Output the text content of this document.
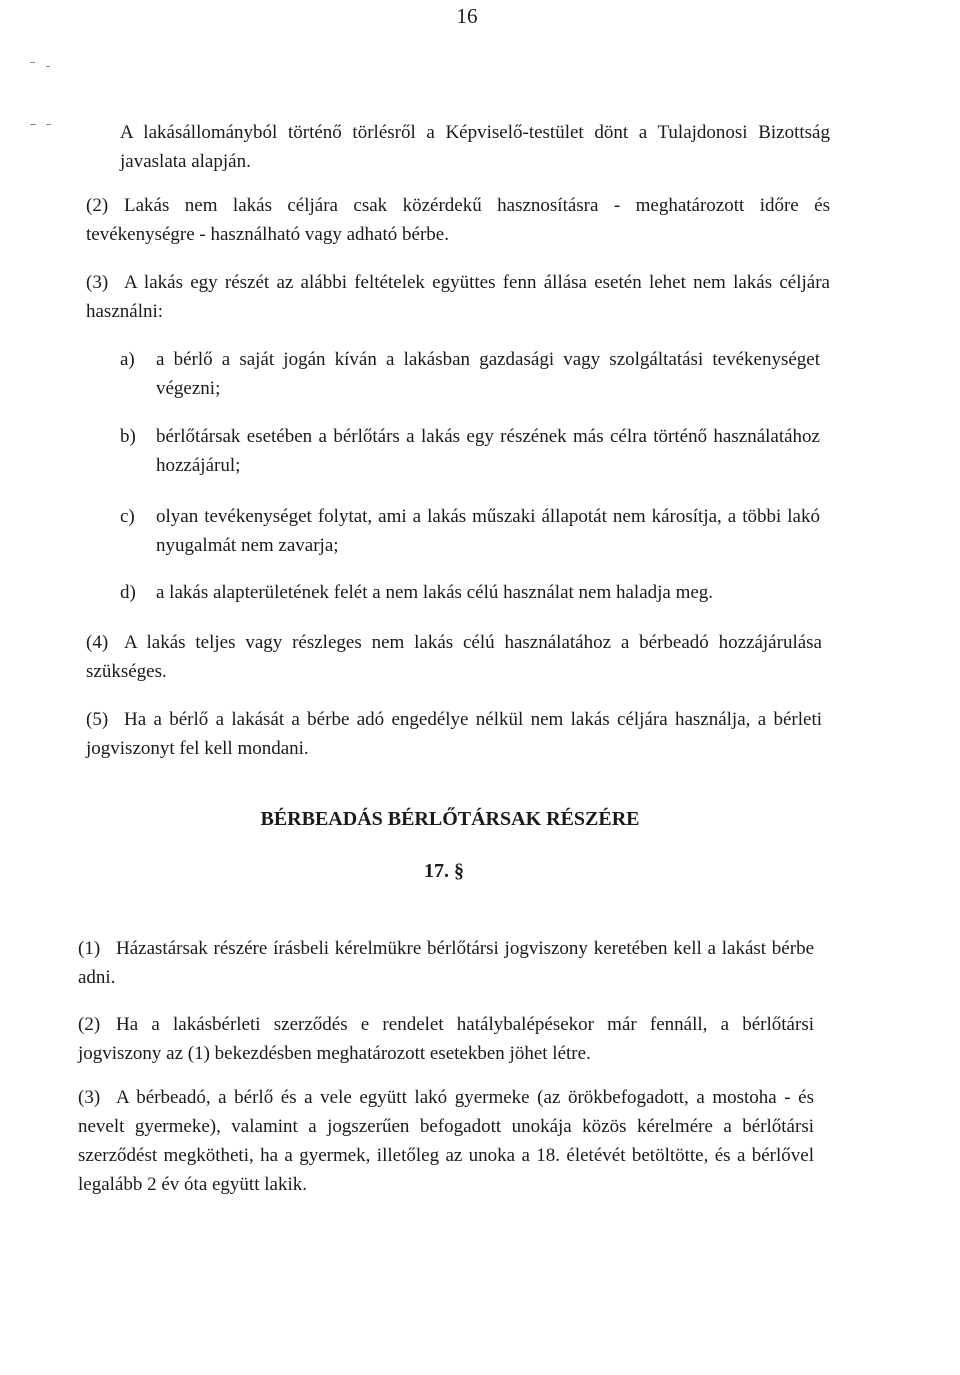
16
A lakásállományból történő törlésről a Képviselő-testület dönt a Tulajdonosi Bizottság javaslata alapján.
(2) Lakás nem lakás céljára csak közérdekű hasznosításra - meghatározott időre és tevékenységre - használható vagy adható bérbe.
(3) A lakás egy részét az alábbi feltételek együttes fenn állása esetén lehet nem lakás céljára használni:
a) a bérlő a saját jogán kíván a lakásban gazdasági vagy szolgáltatási tevékenységet végezni;
b) bérlőtársak esetében a bérlőtárs a lakás egy részének más célra történő használatához hozzájárul;
c) olyan tevékenységet folytat, ami a lakás műszaki állapotát nem károsítja, a többi lakó nyugalmát nem zavarja;
d) a lakás alapterületének felét a nem lakás célú használat nem haladja meg.
(4) A lakás teljes vagy részleges nem lakás célú használatához a bérbeadó hozzájárulása szükséges.
(5) Ha a bérlő a lakását a bérbe adó engedélye nélkül nem lakás céljára használja, a bérleti jogviszonyt fel kell mondani.
BÉRBEADÁS BÉRLŐTÁRSAK RÉSZÉRE
17. §
(1) Házastársak részére írásbeli kérelmükre bérlőtársi jogviszony keretében kell a lakást bérbe adni.
(2) Ha a lakásbérleti szerződés e rendelet hatálybalépésekor már fennáll, a bérlőtársi jogviszony az (1) bekezdésben meghatározott esetekben jöhet létre.
(3) A bérbeadó, a bérlő és a vele együtt lakó gyermeke (az örökbefogadott, a mostoha - és nevelt gyermeke), valamint a jogszerűen befogadott unokája közös kérelmére a bérlőtársi szerződést megkötheti, ha a gyermek, illetőleg az unoka a 18. életévét betöltötte, és a bérlővel legalább 2 év óta együtt lakik.
